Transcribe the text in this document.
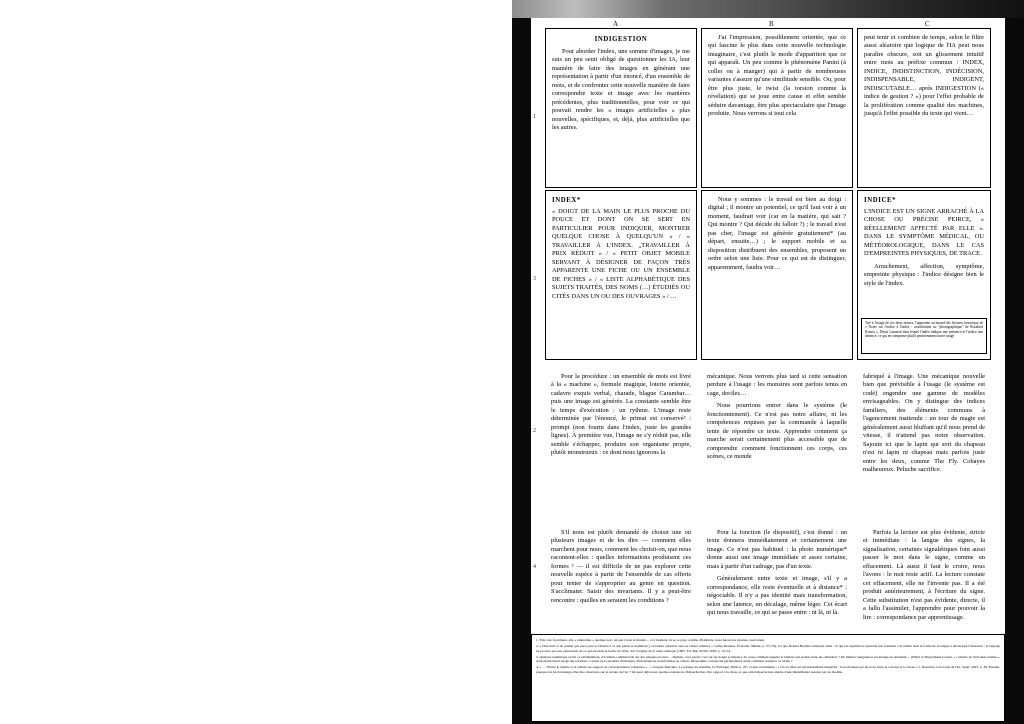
A	B	C
1
2
3
4
INDIGESTION

Pour aborder l'index, une somme d'images, je me suis un peu senti obligé de questionner les IA, leur manière de faire des images en générant une représentation à partir d'un énoncé, d'un ensemble de mots, et de confronter cette nouvelle manière de faire correspondre texte et image avec les manières précédentes, plus traditionnelles, pour voir ce qui pouvait rendre les « images artificielles » plus nouvelles, spécifiques, et, déjà, plus artificielles que les autres.

J'ai l'impression, possiblement orientée, que ce qui fascine le plus dans cette nouvelle technologie imaginaire, c'est plutôt le mode d'apparition que ce qui apparaît. Un peu comme le phénomène Panini (à coller ou à manger) qui à partir de nombreuses variantes s'assure qu'une similitude sensible. Ou, pour être plus juste, le twist (la torsion comme la révélation) qui se joue entre cause et effet semble séduire davantage, être plus spectaculaire que l'image produite. Nous verrons si tout cela

peut tenir et combien de temps, selon le filtre aussi aléatoire que logique de l'IA peut nous paraître obscure, soit un glissement intuitif entre mots au préfixe commun : INDEX, INDICE, INDISTINCTION, INDÉCISION, INDISPENSABLE, INDIGENT, INDISCUTABLE… après INDIGESTION (« indice de gestion ? ») pour l'effet probable de la prolifération comme qualité des machines, jusqu'à l'effet possible du texte qui vient…

INDEX*

« DOIGT DE LA MAIN LE PLUS PROCHE DU POUCE ET DONT ON SE SERT EN PARTICULIER POUR INDIQUER, MONTRER QUELQUE CHOSE À QUELQU'UN » / « TRAVAILLER À L'INDEX. „TRAVAILLER À PRIX RÉDUIT » / « PETIT OBJET MOBILE SERVANT À DÉSIGNER DE FAÇON TRÈS APPARENTE UNE FICHE OU UN ENSEMBLE DE FICHES » / « LISTE ALPHABÉTIQUE DES SUJETS TRAITÉS, DES NOMS (…) ÉTUDIÉS OU CITÉS DANS UN OU DES OUVRAGES » / …

Nous y sommes : le travail est bien au doigt : digital ; il montre un potentiel, ce qu'il faut voir à un moment, faudrait voir (car en la matière, qui sait ? Qui montre ? Qui décide du falloir ?) ; le travail n'est pas cher, l'image est générée gratuitement* (au départ, ensuite…) ; le support mobile et sa disposition distribuent des ensembles, proposent un ordre selon une liste. Pour ce qui est de distinguer, apparemment, faudra voir…

INDICE*

L'INDICE EST UN SIGNE ARRACHÉ À LA CHOSE OU PRÉCISE PEIRCE, « RÉELLEMENT AFFECTÉ PAR ELLE ». DANS LE SYMPTÔME MÉDICAL, OU MÉTÉOROLOGIQUE, DANS LE CAS D'EMPREINTES PHYSIQUES, DE TRACE.

Arrachement, affection, symptôme, empreinte physique : l'indice désigne bien le style de l'index.

Tiré à l'usage de ces deux termes, l'apprenne au hasard des lectures historique de « Notes sur l'indice à l'index : contribution au "photographique" de Rosalind Krauss », Denis Lamarré dans lequel l'index indique une présence et l'indice une absence, ce qui en comprime plutôt pertinemment notre usage

Pour la procédure : un ensemble de mots est livré à la « machine », formule magique, loterie orientée, cadavre exquis verbal, charade, blague Carambar… puis une image est générée. La constante semble être le temps d'exécution : un rythme. L'image reste déterminée par l'énoncé, le primat est conservé² : prompt (non fourni dans l'index, juste les grandes lignes). À première vue, l'image ne s'y réduit pas, elle semble s'échapper, produire son organisme propre, plutôt monstrueux : ce dont nous ignorons la

mécanique. Nous verrons plus tard si cette sensation perdure à l'usage : les monstres sont parfois tenus en cage, dociles…

Nous pourrions entrer dans le système (le fonctionnement). Ce n'est pas notre affaire, ni les compétences requises par la commande à laquelle tente de répondre ce texte. Apprendre comment ça marche serait certainement plus accessible que de comprendre comment fonctionnent ces corps, ces scènes, ce monde

fabriqué à l'image. Une mécanique nouvelle bien que prévisible à l'usage (le système est codé) engendre une gamme de modèles envisageables. On y distingue des indices familiers, des éléments communs à l'agencement inattendu : un tour de magie est généralement aussi bluffant qu'il nous prend de vitesse, il n'attend pas notre observation. Sajoute ici que le lapin qui sort du chapeau n'est ni lapin ni chapeau mais parfois juste entre les deux, comme The Fly. Cobayes malheureux. Peluche sacrifice.

S'il nous est plutôt demandé de choisir une ou plusieurs images et de les dire — comment elles marchent pour nous, comment les choisit-on, que nous racontent-elles : quelles informations produisent ces formes ³ — il est difficile de ne pas explorer cette nouvelle espèce à partir de l'ensemble de cas offerts pour tenter de s'approprier au genre en question. S'acclimater. Saisir des invariants. Il y a peut-être rencontre : quelles en seraient les conditions ?

Pour la fonction (le dispositif), c'est donné : un texte donnera immédiatement et certainement une image. Ce n'est pas habituel : la photo numérique* donne aussi une image immédiate et assez certaine, mais à partir d'un cadrage, pas d'un texte.

Généralement entre texte et image, s'il y a correspondance, elle reste éventuelle et à distance* : négociable. Il n'y a pas identité mais transformation, selon une latence, un décalage, même léger. Cet écart qui nous travaille, ce qui se passe entre : ni là, ni là.

Parfois la lecture est plus évidente, stricte et immédiate : la langue des signes, la signalisation, certaines signalétiques font aussi passer le mot dans le signe, comme un effacement. Là aussi il faut le croire, nous l'avons : le mot reste actif. La lecture constate cet effacement, elle ne l'invente pas. Il a été produit antérieurement, à l'écriture du signe. Cette substitution n'est pas évidente, directe, il a fallu l'assimiler, l'apprendre pour pouvoir la lire : correspondance par apprentissage.

1. Elle crée forcément, elle « empreinte » quelque part, un peu à tout le monde… et à moment où se se paye comme d'habitude, nous ferons les étonnés, quel talent.

2. « Discourir et de primat que parce que le rabattre à ce que pense le dominant ), se laisser abreuver sans se laisser réduire] », Gilles Deleuze, Foucault, Minuit, p. 37 (79). Ce que Roland Barthes anticipait ainsi : ce qui est exprimé ne présente pas vraiment à la réalité dont la forme de la langue a développé l'existence ; le langage ne procure pas une expression de ce qui est mais la forme de l'être. Sur l'origine de la réité artistique (1897, Ed. Rue d'Ulm, 2003, p. 10-54.

3. Quelque numérique en fut ce extrêmement, d'activités commerciale sur des plaques en terre… digitale, c'est pareil, c'est sur les doigts (compter), du coup comment appeler la matière qui éclatée dans un cellulaires ? De même l'assignation sur étalage en attendant… (Hôtel et Magrothène Levant, « contrôle de l'œil mais écume », droit plutôt bien l'usage des relations, à partir de la quantité d'échanges d'informations transformées en valeur. Infographie correspond parfaitement, mais comment restaurer ce terme ?

4. « … l'Entre le double et le visible sur support de correspondance à distance » — Jacques Rancière, Le partage du sensible, La Fabrique, 2000, p. 20 : et plus récemment : « Un art libre est nécessairement imparfait ; il est manqué par un écart entre le concept et la chose. » J. Rancière, Les bords de l'art, Seuil, 2023, p. 36. Ensuite, pourquoi la IA davantage elles être observées sur le terrain de l'art ? Ou peut déjà noter quelles extensions d'imperfection d'un rapport à la chose et que cette imperfection résulte d'une immédiateté assurée par un modèle.
